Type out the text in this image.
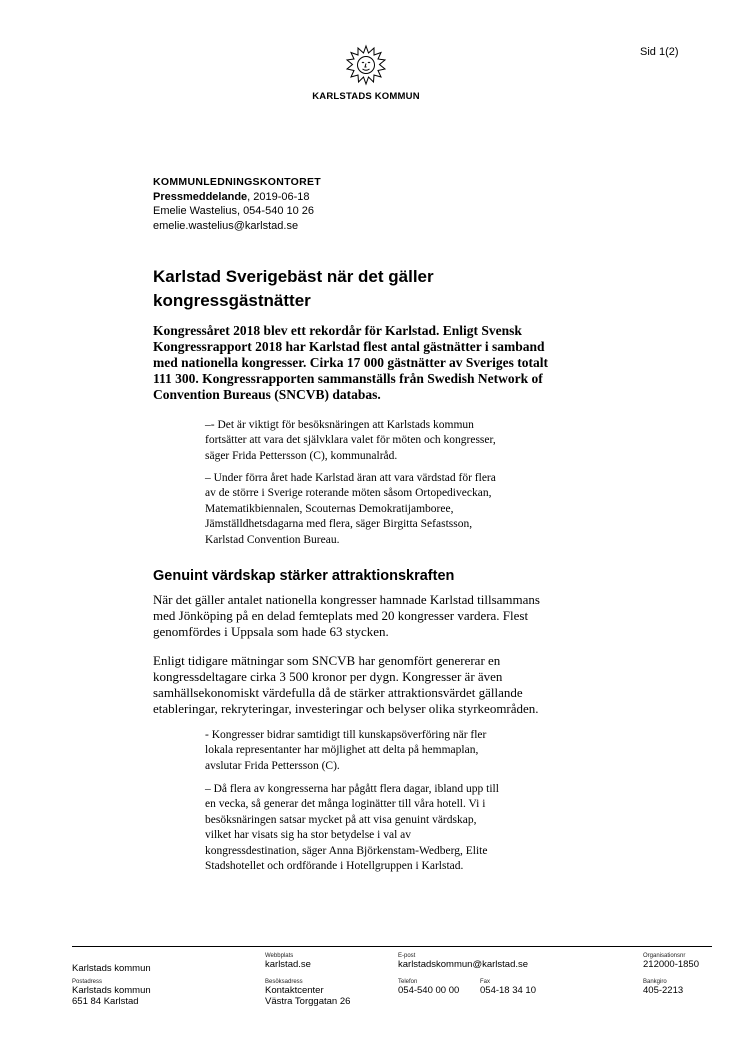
Sid 1(2)
KARLSTADS KOMMUN
KOMMUNLEDNINGSKONTORET
Pressmeddelande, 2019-06-18
Emelie Wastelius, 054-540 10 26
emelie.wastelius@karlstad.se
Karlstad Sverigebäst när det gäller
kongressgästnätter
Kongressåret 2018 blev ett rekordår för Karlstad. Enligt Svensk
Kongressrapport 2018 har Karlstad flest antal gästnätter i samband
med nationella kongresser. Cirka 17 000 gästnätter av Sveriges totalt
111 300. Kongressrapporten sammanställs från Swedish Network of
Convention Bureaus (SNCVB) databas.
–- Det är viktigt för besöksnäringen att Karlstads kommun
fortsätter att vara det självklara valet för möten och kongresser,
säger Frida Pettersson (C), kommunalråd.
– Under förra året hade Karlstad äran att vara värdstad för flera
av de större i Sverige roterande möten såsom Ortopediveckan,
Matematikbiennalen, Scouternas Demokratijamboree,
Jämställdhetsdagarna med flera, säger Birgitta Sefastsson,
Karlstad Convention Bureau.
Genuint värdskap stärker attraktionskraften
När det gäller antalet nationella kongresser hamnade Karlstad tillsammans
med Jönköping på en delad femteplats med 20 kongresser vardera. Flest
genomfördes i Uppsala som hade 63 stycken.
Enligt tidigare mätningar som SNCVB har genomfört genererar en
kongressdeltagare cirka 3 500 kronor per dygn. Kongresser är även
samhällsekonomiskt värdefulla då de stärker attraktionsvärdet gällande
etableringar, rekryteringar, investeringar och belyser olika styrkeområden.
- Kongresser bidrar samtidigt till kunskapsöverföring när fler
lokala representanter har möjlighet att delta på hemmaplan,
avslutar Frida Pettersson (C).
– Då flera av kongresserna har pågått flera dagar, ibland upp till
en vecka, så generar det många loginätter till våra hotell. Vi i
besöksnäringen satsar mycket på att visa genuint värdskap,
vilket har visats sig ha stor betydelse i val av
kongressdestination, säger Anna Björkenstam-Wedberg, Elite
Stadshotellet och ordförande i Hotellgruppen i Karlstad.
Karlstads kommun
Webbplats
karlstad.se
E-post
karlstadskommun@karlstad.se
Organisationsnr
212000-1850
Postadress
Karlstads kommun
651 84 Karlstad
Besöksadress
Kontaktcenter
Västra Torggatan 26
Telefon
054-540 00 00
Fax
054-18 34 10
Bankgiro
405-2213
